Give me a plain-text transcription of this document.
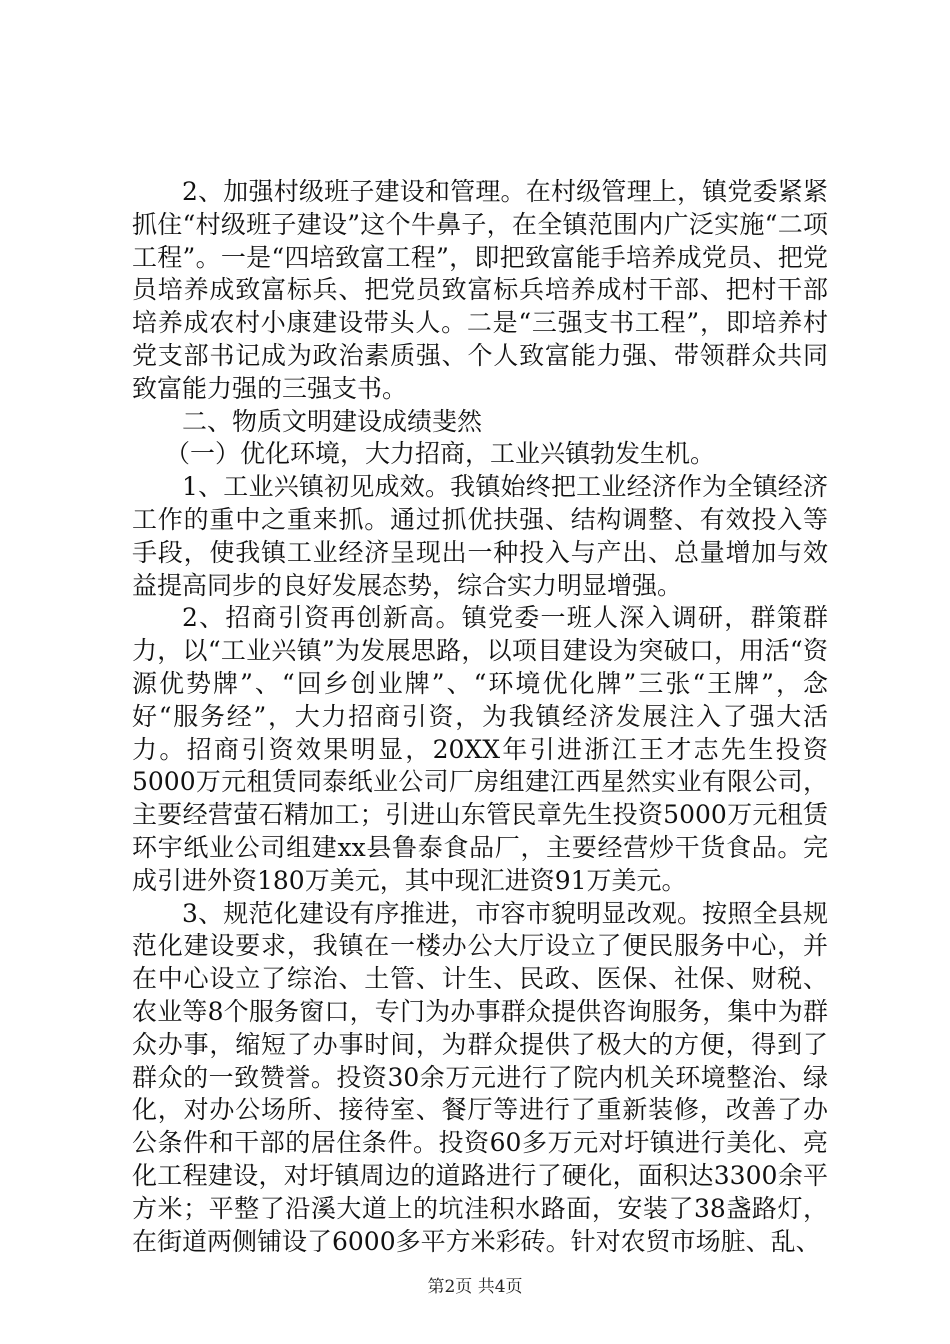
2、加强村级班子建设和管理。在村级管理上，镇党委紧紧抓住“村级班子建设”这个牛鼻子，在全镇范围内广泛实施“二项工程”。一是“四培致富工程”，即把致富能手培养成党员、把党员培养成致富标兵、把党员致富标兵培养成村干部、把村干部培养成农村小康建设带头人。二是“三强支书工程”，即培养村党支部书记成为政治素质强、个人致富能力强、带领群众共同致富能力强的三强支书。

二、物质文明建设成绩斐然

（一）优化环境，大力招商，工业兴镇勃发生机。

1、工业兴镇初见成效。我镇始终把工业经济作为全镇经济工作的重中之重来抓。通过抓优扶强、结构调整、有效投入等手段，使我镇工业经济呈现出一种投入与产出、总量增加与效益提高同步的良好发展态势，综合实力明显增强。

2、招商引资再创新高。镇党委一班人深入调研，群策群力，以“工业兴镇”为发展思路，以项目建设为突破口，用活“资源优势牌”、“回乡创业牌”、“环境优化牌”三张“王牌”，念好“服务经”，大力招商引资，为我镇经济发展注入了强大活力。招商引资效果明显，20XX年引进浙江王才志先生投资5000万元租赁同泰纸业公司厂房组建江西星然实业有限公司，主要经营萤石精加工；引进山东管民章先生投资5000万元租赁环宇纸业公司组建xx县鲁泰食品厂，主要经营炒干货食品。完成引进外资180万美元，其中现汇进资91万美元。

3、规范化建设有序推进，市容市貌明显改观。按照全县规范化建设要求，我镇在一楼办公大厅设立了便民服务中心，并在中心设立了综治、土管、计生、民政、医保、社保、财税、农业等8个服务窗口，专门为办事群众提供咨询服务，集中为群众办事，缩短了办事时间，为群众提供了极大的方便，得到了群众的一致赞誉。投资30余万元进行了院内机关环境整治、绿化，对办公场所、接待室、餐厅等进行了重新装修，改善了办公条件和干部的居住条件。投资60多万元对圩镇进行美化、亮化工程建设，对圩镇周边的道路进行了硬化，面积达3300余平方米；平整了沿溪大道上的坑洼积水路面，安装了38盏路灯，在街道两侧铺设了6000多平方米彩砖。针对农贸市场脏、乱、

第2页 共4页
